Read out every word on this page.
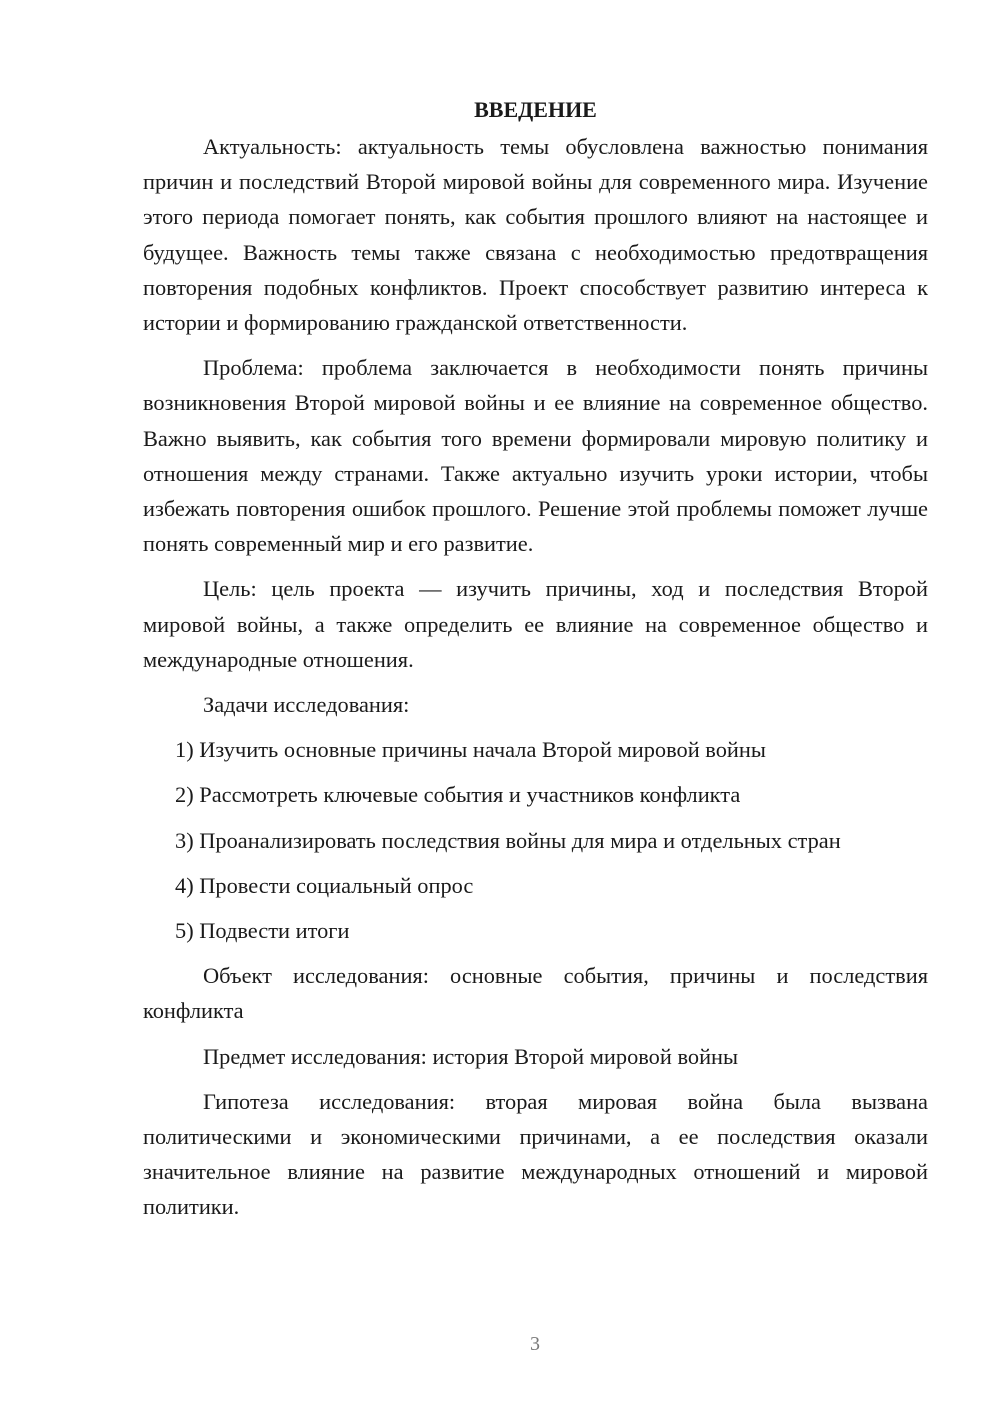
ВВЕДЕНИЕ

Актуальность: актуальность темы обусловлена важностью понимания причин и последствий Второй мировой войны для современного мира. Изучение этого периода помогает понять, как события прошлого влияют на настоящее и будущее. Важность темы также связана с необходимостью предотвращения повторения подобных конфликтов. Проект способствует развитию интереса к истории и формированию гражданской ответственности.

Проблема: проблема заключается в необходимости понять причины возникновения Второй мировой войны и ее влияние на современное общество. Важно выявить, как события того времени формировали мировую политику и отношения между странами. Также актуально изучить уроки истории, чтобы избежать повторения ошибок прошлого. Решение этой проблемы поможет лучше понять современный мир и его развитие.

Цель: цель проекта — изучить причины, ход и последствия Второй мировой войны, а также определить ее влияние на современное общество и международные отношения.

Задачи исследования:

1) Изучить основные причины начала Второй мировой войны
2) Рассмотреть ключевые события и участников конфликта
3) Проанализировать последствия войны для мира и отдельных стран
4) Провести социальный опрос
5) Подвести итоги

Объект исследования: основные события, причины и последствия конфликта

Предмет исследования: история Второй мировой войны

Гипотеза исследования: вторая мировая война была вызвана политическими и экономическими причинами, а ее последствия оказали значительное влияние на развитие международных отношений и мировой политики.

3
